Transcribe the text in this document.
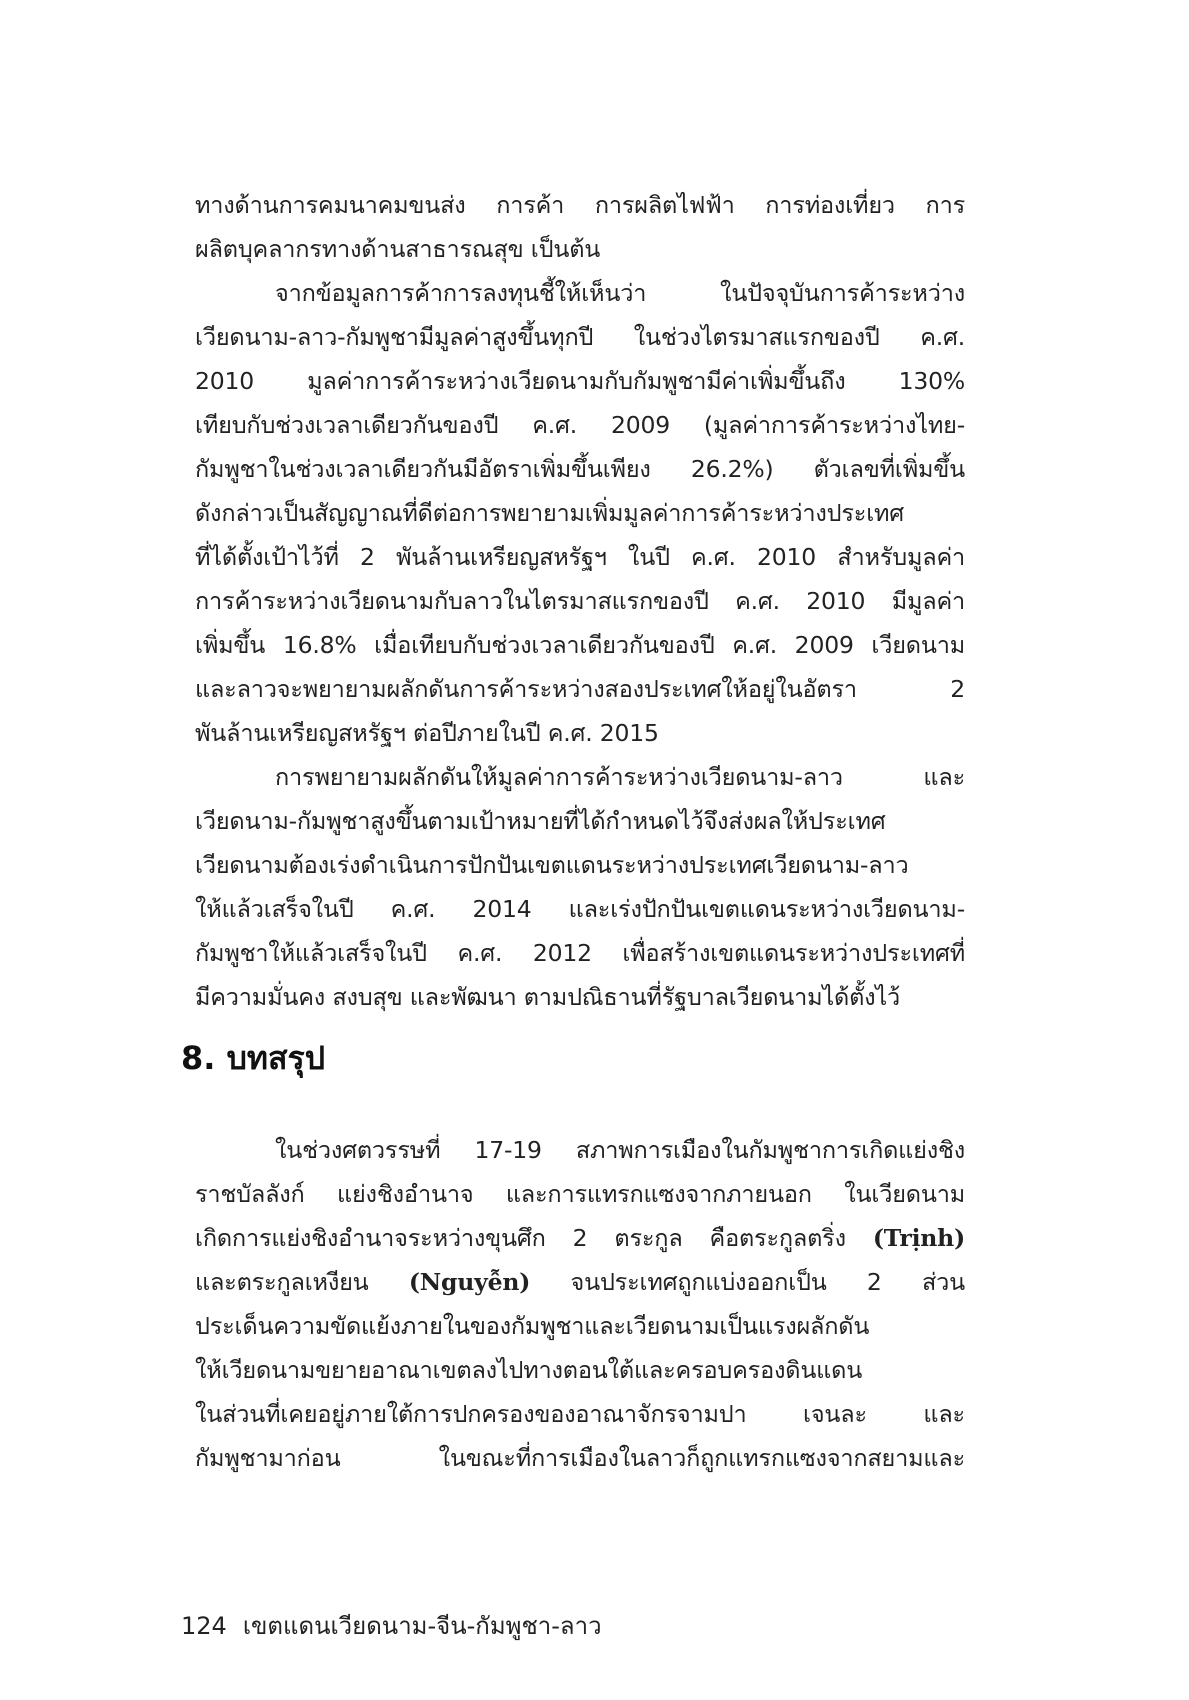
ทางด้านการคมนาคมขนส่ง การค้า การผลิตไฟฟ้า การท่องเที่ยว การ
ผลิตบุคลากรทางด้านสาธารณสุข เป็นต้น
จากข้อมูลการค้าการลงทุนชี้ให้เห็นว่า ในปัจจุบันการค้าระหว่าง
เวียดนาม-ลาว-กัมพูชามีมูลค่าสูงขึ้นทุกปี ในช่วงไตรมาสแรกของปี ค.ศ.
2010 มูลค่าการค้าระหว่างเวียดนามกับกัมพูชามีค่าเพิ่มขึ้นถึง 130%
เทียบกับช่วงเวลาเดียวกันของปี ค.ศ. 2009 (มูลค่าการค้าระหว่างไทย-
กัมพูชาในช่วงเวลาเดียวกันมีอัตราเพิ่มขึ้นเพียง 26.2%) ตัวเลขที่เพิ่มขึ้น
ดังกล่าวเป็นสัญญาณที่ดีต่อการพยายามเพิ่มมูลค่าการค้าระหว่างประเทศ
ที่ได้ตั้งเป้าไว้ที่ 2 พันล้านเหรียญสหรัฐฯ ในปี ค.ศ. 2010 สำหรับมูลค่า
การค้าระหว่างเวียดนามกับลาวในไตรมาสแรกของปี ค.ศ. 2010 มีมูลค่า
เพิ่มขึ้น 16.8% เมื่อเทียบกับช่วงเวลาเดียวกันของปี ค.ศ. 2009 เวียดนาม
และลาวจะพยายามผลักดันการค้าระหว่างสองประเทศให้อยู่ในอัตรา 2
พันล้านเหรียญสหรัฐฯ ต่อปีภายในปี ค.ศ. 2015
การพยายามผลักดันให้มูลค่าการค้าระหว่างเวียดนาม-ลาว และ
เวียดนาม-กัมพูชาสูงขึ้นตามเป้าหมายที่ได้กำหนดไว้จึงส่งผลให้ประเทศ
เวียดนามต้องเร่งดำเนินการปักปันเขตแดนระหว่างประเทศเวียดนาม-ลาว
ให้แล้วเสร็จในปี ค.ศ. 2014 และเร่งปักปันเขตแดนระหว่างเวียดนาม-
กัมพูชาให้แล้วเสร็จในปี ค.ศ. 2012 เพื่อสร้างเขตแดนระหว่างประเทศที่
มีความมั่นคง สงบสุข และพัฒนา ตามปณิธานที่รัฐบาลเวียดนามได้ตั้งไว้
8. บทสรุป
ในช่วงศตวรรษที่ 17-19 สภาพการเมืองในกัมพูชาการเกิดแย่งชิง
ราชบัลลังก์ แย่งชิงอำนาจ และการแทรกแซงจากภายนอก ในเวียดนาม
เกิดการแย่งชิงอำนาจระหว่างขุนศึก 2 ตระกูล คือตระกูลตริ่ง (Trịnh)
และตระกูลเหงียน (Nguyễn) จนประเทศถูกแบ่งออกเป็น 2 ส่วน
ประเด็นความขัดแย้งภายในของกัมพูชาและเวียดนามเป็นแรงผลักดัน
ให้เวียดนามขยายอาณาเขตลงไปทางตอนใต้และครอบครองดินแดน
ในส่วนที่เคยอยู่ภายใต้การปกครองของอาณาจักรจามปา เจนละ และ
กัมพูชามาก่อน ในขณะที่การเมืองในลาวก็ถูกแทรกแซงจากสยามและ
124 เขตแดนเวียดนาม-จีน-กัมพูชา-ลาว
